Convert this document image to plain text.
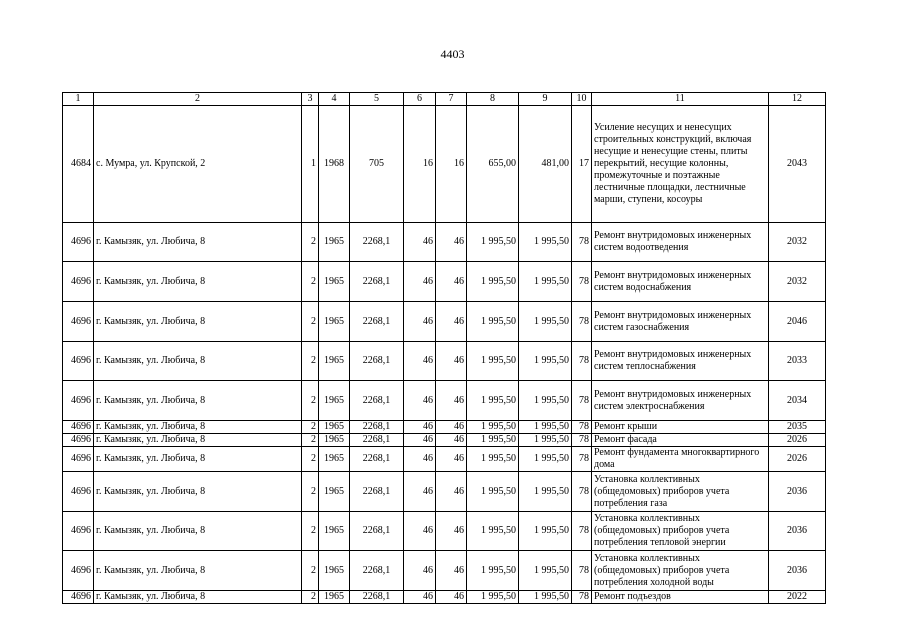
4403
1	2	3	4	5	6	7	8	9	10	11	12
4684	с. Мумра, ул. Крупской, 2	1	1968	705	16	16	655,00	481,00	17	Усиление несущих и ненесущих строительных конструкций, включая несущие и ненесущие стены, плиты перекрытий, несущие колонны, промежуточные и поэтажные лестничные площадки, лестничные марши, ступени, косоуры	2043
4696	г. Камызяк, ул. Любича, 8	2	1965	2268,1	46	46	1 995,50	1 995,50	78	Ремонт внутридомовых инженерных систем водоотведения	2032
4696	г. Камызяк, ул. Любича, 8	2	1965	2268,1	46	46	1 995,50	1 995,50	78	Ремонт внутридомовых инженерных систем водоснабжения	2032
4696	г. Камызяк, ул. Любича, 8	2	1965	2268,1	46	46	1 995,50	1 995,50	78	Ремонт внутридомовых инженерных систем газоснабжения	2046
4696	г. Камызяк, ул. Любича, 8	2	1965	2268,1	46	46	1 995,50	1 995,50	78	Ремонт внутридомовых инженерных систем теплоснабжения	2033
4696	г. Камызяк, ул. Любича, 8	2	1965	2268,1	46	46	1 995,50	1 995,50	78	Ремонт внутридомовых инженерных систем электроснабжения	2034
4696	г. Камызяк, ул. Любича, 8	2	1965	2268,1	46	46	1 995,50	1 995,50	78	Ремонт крыши	2035
4696	г. Камызяк, ул. Любича, 8	2	1965	2268,1	46	46	1 995,50	1 995,50	78	Ремонт фасада	2026
4696	г. Камызяк, ул. Любича, 8	2	1965	2268,1	46	46	1 995,50	1 995,50	78	Ремонт фундамента многоквартирного дома	2026
4696	г. Камызяк, ул. Любича, 8	2	1965	2268,1	46	46	1 995,50	1 995,50	78	Установка коллективных (общедомовых) приборов учета потребления газа	2036
4696	г. Камызяк, ул. Любича, 8	2	1965	2268,1	46	46	1 995,50	1 995,50	78	Установка коллективных (общедомовых) приборов учета потребления тепловой энергии	2036
4696	г. Камызяк, ул. Любича, 8	2	1965	2268,1	46	46	1 995,50	1 995,50	78	Установка коллективных (общедомовых) приборов учета потребления холодной воды	2036
4696	г. Камызяк, ул. Любича, 8	2	1965	2268,1	46	46	1 995,50	1 995,50	78	Ремонт подъездов	2022
